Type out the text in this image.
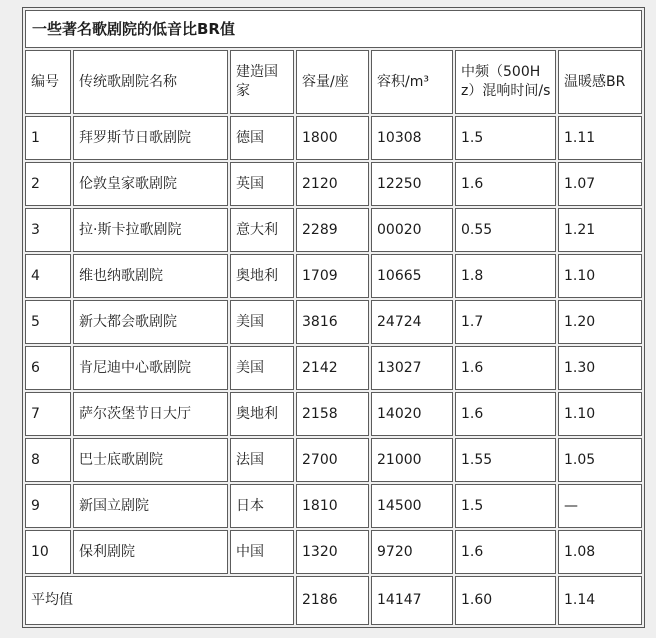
一些著名歌剧院的低音比BR值						
编号	传统歌剧院名称	建造国家	容量/座	容积/m³	中频（500Hz）混响时间/s	温暖感BR
1	拜罗斯节日歌剧院	德国	1800	10308	1.5	1.11
2	伦敦皇家歌剧院	英国	2120	12250	1.6	1.07
3	拉·斯卡拉歌剧院	意大利	2289	00020	0.55	1.21
4	维也纳歌剧院	奥地利	1709	10665	1.8	1.10
5	新大都会歌剧院	美国	3816	24724	1.7	1.20
6	肯尼迪中心歌剧院	美国	2142	13027	1.6	1.30
7	萨尔茨堡节日大厅	奥地利	2158	14020	1.6	1.10
8	巴士底歌剧院	法国	2700	21000	1.55	1.05
9	新国立剧院	日本	1810	14500	1.5	—
10	保利剧院	中国	1320	9720	1.6	1.08
平均值			2186	14147	1.60	1.14
